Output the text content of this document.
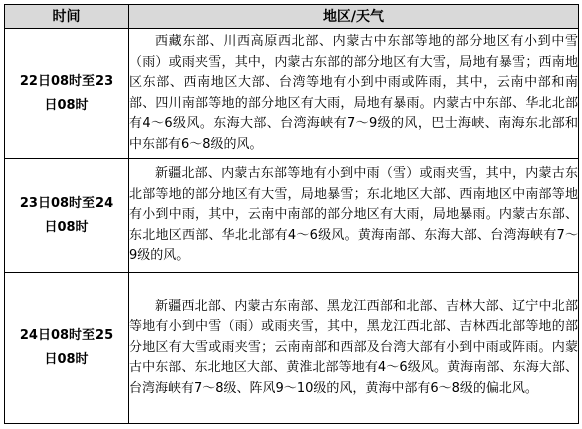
时间	地区/天气

22日08时至23
日08时	西藏东部、川西高原西北部、内蒙古中东部等地的部分地区有小到中雪（雨）或雨夹雪，其中，内蒙古东部的部分地区有大雪，局地有暴雪；西南地区东部、西南地区大部、台湾等地有小到中雨或阵雨，其中，云南中部和南部、四川南部等地的部分地区有大雨，局地有暴雨。内蒙古中东部、华北北部有4～6级风。东海大部、台湾海峡有7～9级的风，巴士海峡、南海东北部和中东部有6～8级的风。

23日08时至24
日08时	新疆北部、内蒙古东部等地有小到中雨（雪）或雨夹雪，其中，内蒙古东北部等地的部分地区有大雪，局地暴雪；东北地区大部、西南地区中南部等地有小到中雨，其中，云南中南部的部分地区有大雨，局地暴雨。内蒙古东部、东北地区西部、华北北部有4～6级风。黄海南部、东海大部、台湾海峡有7～9级的风。

24日08时至25
日08时	新疆西北部、内蒙古东南部、黑龙江西部和北部、吉林大部、辽宁中北部等地有小到中雪（雨）或雨夹雪，其中，黑龙江西北部、吉林西北部等地的部分地区有大雪或雨夹雪；云南南部和西部及台湾大部有小到中雨或阵雨。内蒙古中东部、东北地区大部、黄淮北部等地有4～6级风。黄海南部、东海大部、台湾海峡有7～8级、阵风9～10级的风，黄海中部有6～8级的偏北风。
